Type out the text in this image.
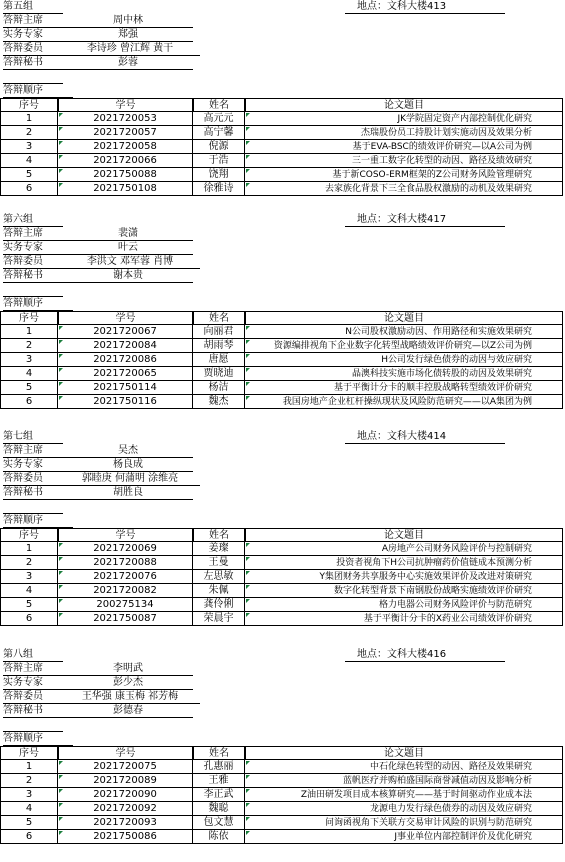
第五组	地点：文科大楼413
答辩主席	周中林
实务专家	郑强
答辩委员	李诗珍 曾江辉 黄干
答辩秘书	彭蓉
答辩顺序
序号	学号	姓名	论文题目
1	2021720053	高元元	JK学院固定资产内部控制优化研究
2	2021720057	高宁馨	杰瑞股份员工持股计划实施动因及效果分析
3	2021720058	倪源	基于EVA-BSC的绩效评价研究—以A公司为例
4	2021720066	于浩	三一重工数字化转型的动因、路径及绩效研究
5	2021750088	饶翔	基于新COSO-ERM框架的Z公司财务风险管理研究
6	2021750108	徐雅诗	去家族化背景下三全食品股权激励的动机及效果研究
第六组	地点：文科大楼417
答辩主席	裴潇
实务专家	叶云
答辩委员	李洪文 邓军蓉 肖博
答辩秘书	谢本贵
答辩顺序
序号	学号	姓名	论文题目
1	2021720067	向丽君	N公司股权激励动因、作用路径和实施效果研究
2	2021720084	胡雨琴	资源编排视角下企业数字化转型战略绩效评价研究—以Z公司为例
3	2021720086	唐愿	H公司发行绿色债券的动因与效应研究
4	2021720065	贾晓迪	晶澳科技实施市场化债转股的动因及效果研究
5	2021750114	杨洁	基于平衡计分卡的顺丰控股战略转型绩效评价研究
6	2021750116	魏杰	我国房地产企业杠杆操纵现状及风险防范研究——以A集团为例
第七组	地点：文科大楼414
答辩主席	吴杰
实务专家	杨良成
答辩委员	郭睦庚 何蒲明 涂维亮
答辩秘书	胡胜良
答辩顺序
序号	学号	姓名	论文题目
1	2021720069	姜璨	A房地产公司财务风险评价与控制研究
2	2021720088	王曼	投资者视角下H公司抗肿瘤药价值链成本预测分析
3	2021720076	左思敏	Y集团财务共享服务中心实施效果评价及改进对策研究
4	2021720082	朱佩	数字化转型背景下南钢股份战略实施绩效评价研究
5	200275134	龚伶俐	格力电器公司财务风险评价与防范研究
6	2021750087	荣晨宇	基于平衡计分卡的X药业公司绩效评价研究
第八组	地点：文科大楼416
答辩主席	李明武
实务专家	彭少杰
答辩委员	王华强 康玉梅 祁芳梅
答辩秘书	彭德春
答辩顺序
序号	学号	姓名	论文题目
1	2021720075	孔惠丽	中石化绿色转型的动因、路径及效果研究
2	2021720089	王雅	蓝帆医疗并购柏盛国际商誉减值动因及影响分析
3	2021720090	李正武	Z油田研发项目成本核算研究——基于时间驱动作业成本法
4	2021720092	魏聪	龙源电力发行绿色债券的动因及效应研究
5	2021720093	包文慧	问询函视角下关联方交易审计风险的识别与防范研究
6	2021750086	陈依	J事业单位内部控制评价及优化研究
